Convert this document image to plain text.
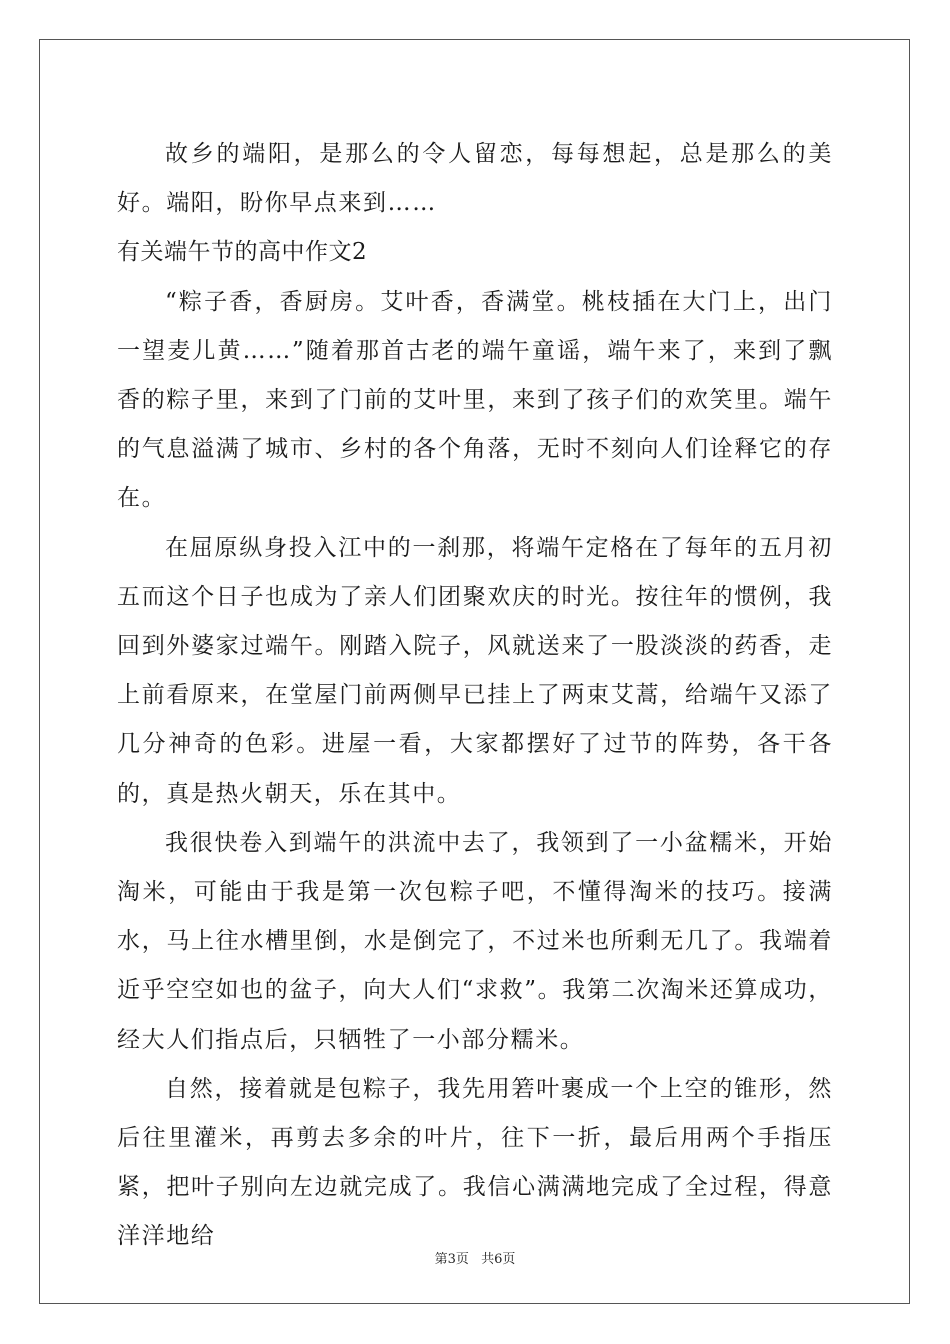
故乡的端阳，是那么的令人留恋，每每想起，总是那么的美好。端阳，盼你早点来到……

有关端午节的高中作文2

“粽子香，香厨房。艾叶香，香满堂。桃枝插在大门上，出门一望麦儿黄……”随着那首古老的端午童谣，端午来了，来到了飘香的粽子里，来到了门前的艾叶里，来到了孩子们的欢笑里。端午的气息溢满了城市、乡村的各个角落，无时不刻向人们诠释它的存在。

在屈原纵身投入江中的一刹那，将端午定格在了每年的五月初五而这个日子也成为了亲人们团聚欢庆的时光。按往年的惯例，我回到外婆家过端午。刚踏入院子，风就送来了一股淡淡的药香，走上前看原来，在堂屋门前两侧早已挂上了两束艾蒿，给端午又添了几分神奇的色彩。进屋一看，大家都摆好了过节的阵势，各干各的，真是热火朝天，乐在其中。

我很快卷入到端午的洪流中去了，我领到了一小盆糯米，开始淘米，可能由于我是第一次包粽子吧，不懂得淘米的技巧。接满水，马上往水槽里倒，水是倒完了，不过米也所剩无几了。我端着近乎空空如也的盆子，向大人们“求救”。我第二次淘米还算成功，经大人们指点后，只牺牲了一小部分糯米。

自然，接着就是包粽子，我先用箬叶裹成一个上空的锥形，然后往里灌米，再剪去多余的叶片，往下一折，最后用两个手指压紧，把叶子别向左边就完成了。我信心满满地完成了全过程，得意洋洋地给

第3页 共6页
